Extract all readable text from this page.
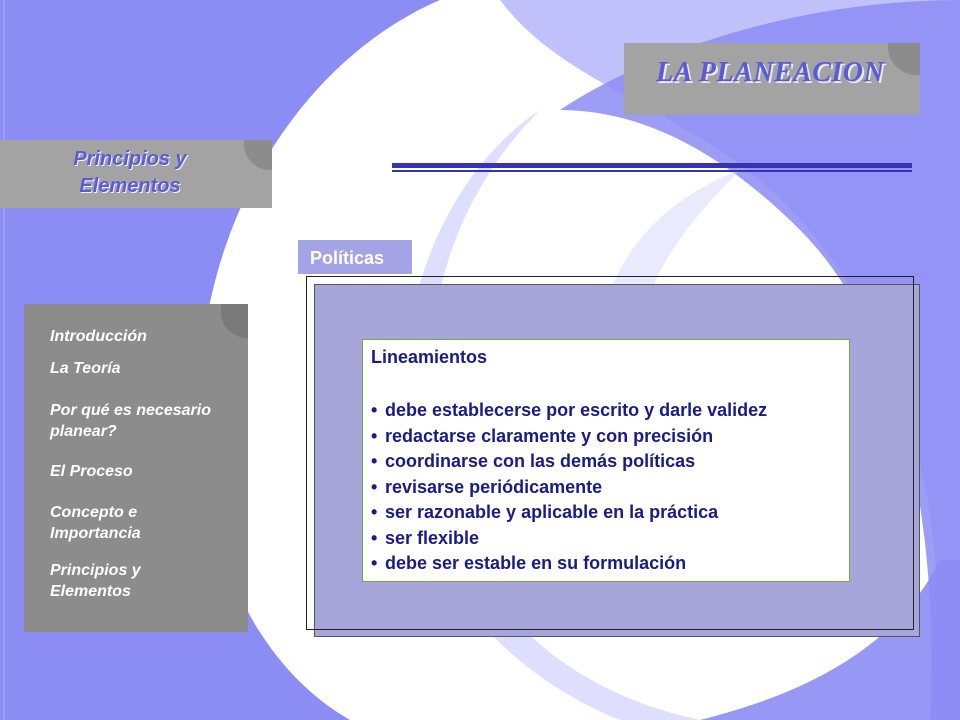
LA PLANEACION
Principios y Elementos
Introducción
La Teoría
Por qué es necesario planear?
El Proceso
Concepto e Importancia
Principios y Elementos
Políticas
Lineamientos
• debe establecerse por escrito y darle validez
• redactarse claramente y con precisión
• coordinarse con las demás políticas
• revisarse periódicamente
• ser razonable y aplicable en la práctica
• ser flexible
• debe ser estable en su formulación
